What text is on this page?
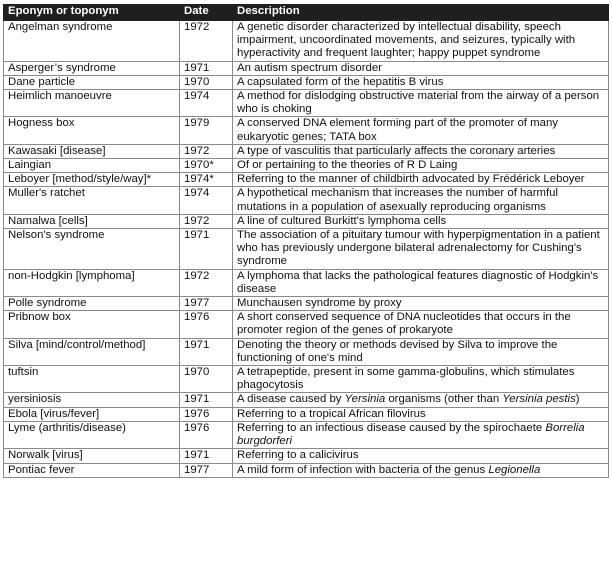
Eponym or toponym	Date	Description
Angelman syndrome	1972	A genetic disorder characterized by intellectual disability, speech impairment, uncoordinated movements, and seizures, typically with hyperactivity and frequent laughter; happy puppet syndrome
Asperger’s syndrome	1971	An autism spectrum disorder
Dane particle	1970	A capsulated form of the hepatitis B virus
Heimlich manoeuvre	1974	A method for dislodging obstructive material from the airway of a person who is choking
Hogness box	1979	A conserved DNA element forming part of the promoter of many eukaryotic genes; TATA box
Kawasaki [disease]	1972	A type of vasculitis that particularly affects the coronary arteries
Laingian	1970*	Of or pertaining to the theories of R D Laing
Leboyer [method/style/way]*	1974*	Referring to the manner of childbirth advocated by Frédérick Leboyer
Muller's ratchet	1974	A hypothetical mechanism that increases the number of harmful mutations in a population of asexually reproducing organisms
Namalwa [cells]	1972	A line of cultured Burkitt's lymphoma cells
Nelson's syndrome	1971	The association of a pituitary tumour with hyperpigmentation in a patient who has previously undergone bilateral adrenalectomy for Cushing's syndrome
non-Hodgkin [lymphoma]	1972	A lymphoma that lacks the pathological features diagnostic of Hodgkin's disease
Polle syndrome	1977	Munchausen syndrome by proxy
Pribnow box	1976	A short conserved sequence of DNA nucleotides that occurs in the promoter region of the genes of prokaryote
Silva [mind/control/method]	1971	Denoting the theory or methods devised by Silva to improve the functioning of one's mind
tuftsin	1970	A tetrapeptide, present in some gamma-globulins, which stimulates phagocytosis
yersiniosis	1971	A disease caused by Yersinia organisms (other than Yersinia pestis)
Ebola [virus/fever]	1976	Referring to a tropical African filovirus
Lyme (arthritis/disease)	1976	Referring to an infectious disease caused by the spirochaete Borrelia burgdorferi
Norwalk [virus]	1971	Referring to a calicivirus
Pontiac fever	1977	A mild form of infection with bacteria of the genus Legionella
